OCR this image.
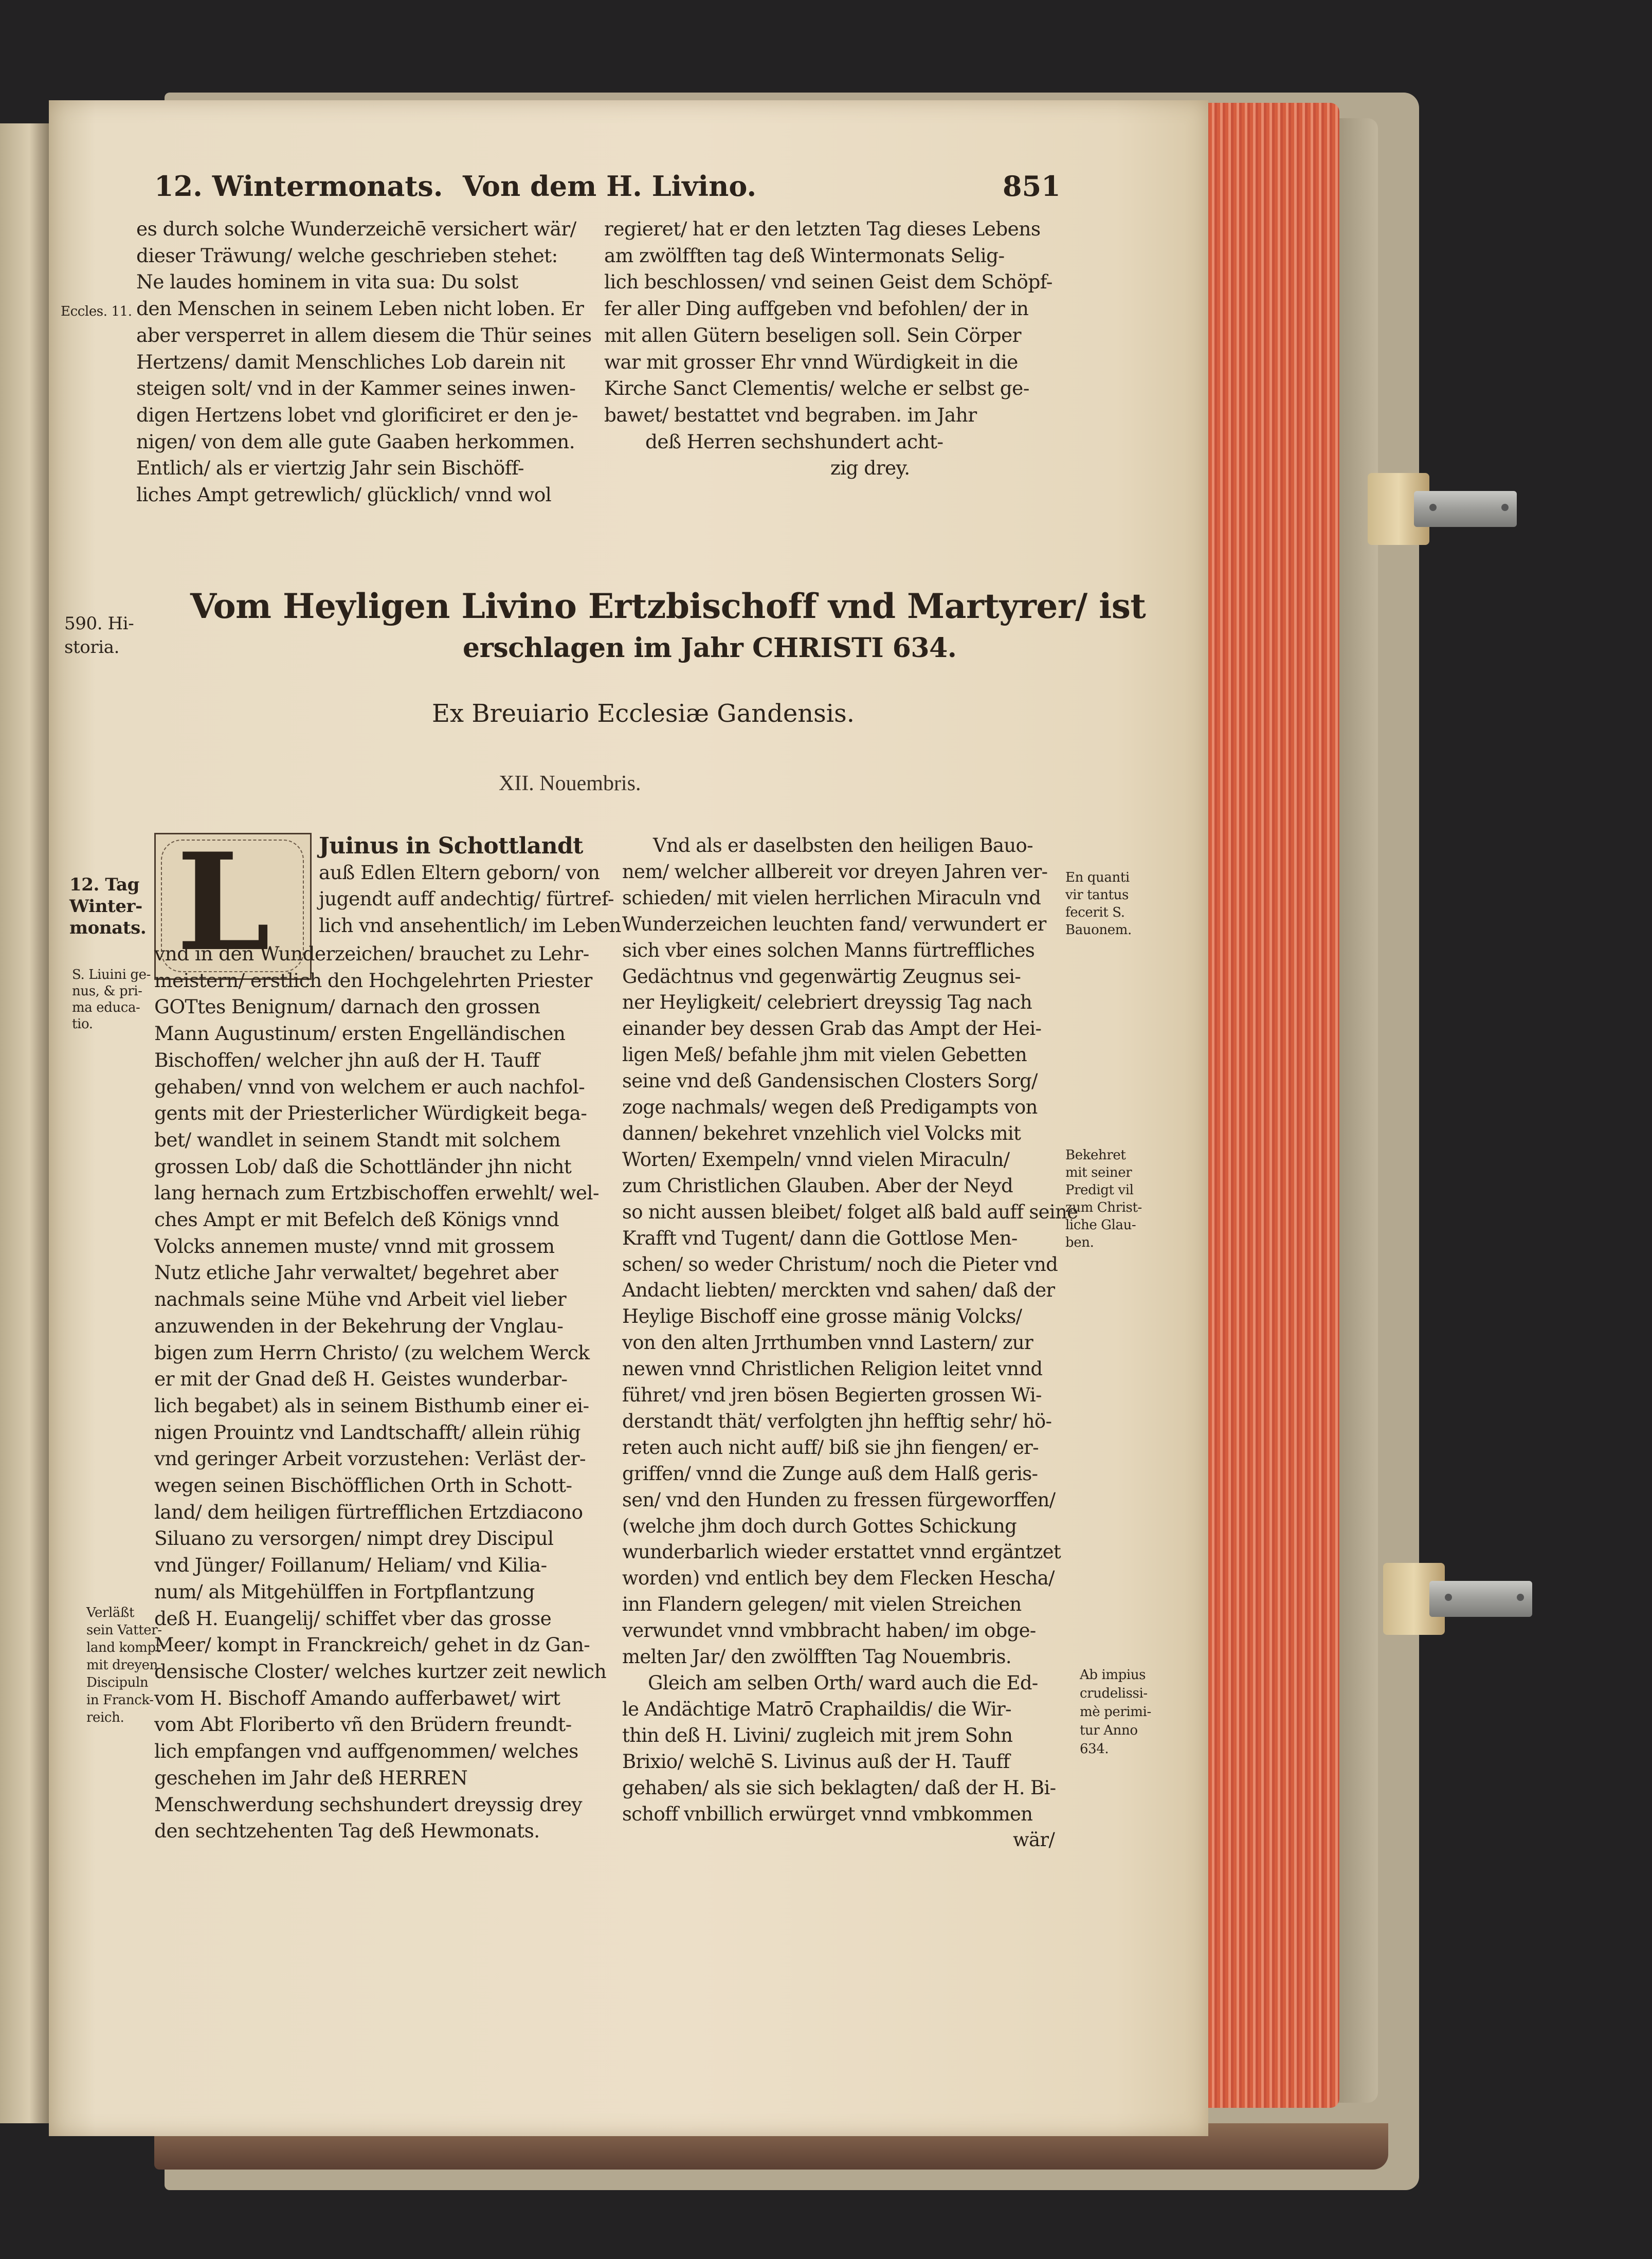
12. Wintermonats. Von dem H. Livino.	851
es durch solche Wunderzeichē versichert wär/
dieser Träwung/ welche geschrieben stehet:
Ne laudes hominem in vita sua: Du solst
den Menschen in seinem Leben nicht loben. Er
aber versperret in allem diesem die Thür seines
Hertzens/ damit Menschliches Lob darein nit
steigen solt/ vnd in der Kammer seines inwen-
digen Hertzens lobet vnd glorificiret er den je-
nigen/ von dem alle gute Gaaben herkommen.
Entlich/ als er viertzig Jahr sein Bischöff-
liches Ampt getrewlich/ glücklich/ vnnd wol
regieret/ hat er den letzten Tag dieses Lebens
am zwölfften tag deß Wintermonats Selig-
lich beschlossen/ vnd seinen Geist dem Schöpf-
fer aller Ding auffgeben vnd befohlen/ der in
mit allen Gütern beseligen soll. Sein Cörper
war mit grosser Ehr vnnd Würdigkeit in die
Kirche Sanct Clementis/ welche er selbst ge-
bawet/ bestattet vnd begraben. im Jahr
deß Herren sechshundert acht-
zig drey.
Eccles. 11.
590. Hi-
storia.
Vom Heyligen Livino Ertzbischoff vnd Martyrer/ ist
erschlagen im Jahr CHRISTI 634.
Ex Breuiario Ecclesiæ Gandensis.
XII. Nouembris.
L Juinus in Schottlandt
auß Edlen Eltern geborn/ von
jugendt auff andechtig/ fürtref-
lich vnd ansehentlich/ im Leben
vnd in den Wunderzeichen/ brauchet zu Lehr-
meistern/ erstlich den Hochgelehrten Priester
GOTtes Benignum/ darnach den grossen
Mann Augustinum/ ersten Engelländischen
Bischoffen/ welcher jhn auß der H. Tauff
gehaben/ vnnd von welchem er auch nachfol-
gents mit der Priesterlicher Würdigkeit bega-
bet/ wandlet in seinem Standt mit solchem
grossen Lob/ daß die Schottländer jhn nicht
lang hernach zum Ertzbischoffen erwehlt/ wel-
ches Ampt er mit Befelch deß Königs vnnd
Volcks annemen muste/ vnnd mit grossem
Nutz etliche Jahr verwaltet/ begehret aber
nachmals seine Mühe vnd Arbeit viel lieber
anzuwenden in der Bekehrung der Vnglau-
bigen zum Herrn Christo/ (zu welchem Werck
er mit der Gnad deß H. Geistes wunderbar-
lich begabet) als in seinem Bisthumb einer ei-
nigen Prouintz vnd Landtschafft/ allein rühig
vnd geringer Arbeit vorzustehen: Verläst der-
wegen seinen Bischöfflichen Orth in Schott-
land/ dem heiligen fürtrefflichen Ertzdiacono
Siluano zu versorgen/ nimpt drey Discipul
vnd Jünger/ Foillanum/ Heliam/ vnd Kilia-
num/ als Mitgehülffen in Fortpflantzung
deß H. Euangelij/ schiffet vber das grosse
Meer/ kompt in Franckreich/ gehet in dz Gan-
densische Closter/ welches kurtzer zeit newlich
vom H. Bischoff Amando aufferbawet/ wirt
vom Abt Floriberto vñ den Brüdern freundt-
lich empfangen vnd auffgenommen/ welches
geschehen im Jahr deß HERREN
Menschwerdung sechshundert dreyssig drey
den sechtzehenten Tag deß Hewmonats.
Vnd als er daselbsten den heiligen Bauo-
nem/ welcher allbereit vor dreyen Jahren ver-
schieden/ mit vielen herrlichen Miraculn vnd
Wunderzeichen leuchten fand/ verwundert er
sich vber eines solchen Manns fürtreffliches
Gedächtnus vnd gegenwärtig Zeugnus sei-
ner Heyligkeit/ celebriert dreyssig Tag nach
einander bey dessen Grab das Ampt der Hei-
ligen Meß/ befahle jhm mit vielen Gebetten
seine vnd deß Gandensischen Closters Sorg/
zoge nachmals/ wegen deß Predigampts von
dannen/ bekehret vnzehlich viel Volcks mit
Worten/ Exempeln/ vnnd vielen Miraculn/
zum Christlichen Glauben. Aber der Neyd
so nicht aussen bleibet/ folget alß bald auff seine
Krafft vnd Tugent/ dann die Gottlose Men-
schen/ so weder Christum/ noch die Pieter vnd
Andacht liebten/ merckten vnd sahen/ daß der
Heylige Bischoff eine grosse mänig Volcks/
von den alten Jrrthumben vnnd Lastern/ zur
newen vnnd Christlichen Religion leitet vnnd
führet/ vnd jren bösen Begierten grossen Wi-
derstandt thät/ verfolgten jhn hefftig sehr/ hö-
reten auch nicht auff/ biß sie jhn fiengen/ er-
griffen/ vnnd die Zunge auß dem Halß geris-
sen/ vnd den Hunden zu fressen fürgeworffen/
(welche jhm doch durch Gottes Schickung
wunderbarlich wieder erstattet vnnd ergäntzet
worden) vnd entlich bey dem Flecken Hescha/
inn Flandern gelegen/ mit vielen Streichen
verwundet vnnd vmbbracht haben/ im obge-
melten Jar/ den zwölfften Tag Nouembris.
Gleich am selben Orth/ ward auch die Ed-
le Andächtige Matrō Craphaildis/ die Wir-
thin deß H. Livini/ zugleich mit jrem Sohn
Brixio/ welchē S. Livinus auß der H. Tauff
gehaben/ als sie sich beklagten/ daß der H. Bi-
schoff vnbillich erwürget vnnd vmbkommen
wär/
12. Tag
Winter-
monats.
S. Liuini ge-
nus, & pri-
ma educa-
tio.
Verläßt
sein Vatter-
land kompt
mit dreyen
Discipuln
in Franck-
reich.
En quanti
vir tantus
fecerit S.
Bauonem.
Bekehret
mit seiner
Predigt vil
zum Christ-
liche Glau-
ben.
Ab impius
crudelissi-
mè perimi-
tur Anno
634.
